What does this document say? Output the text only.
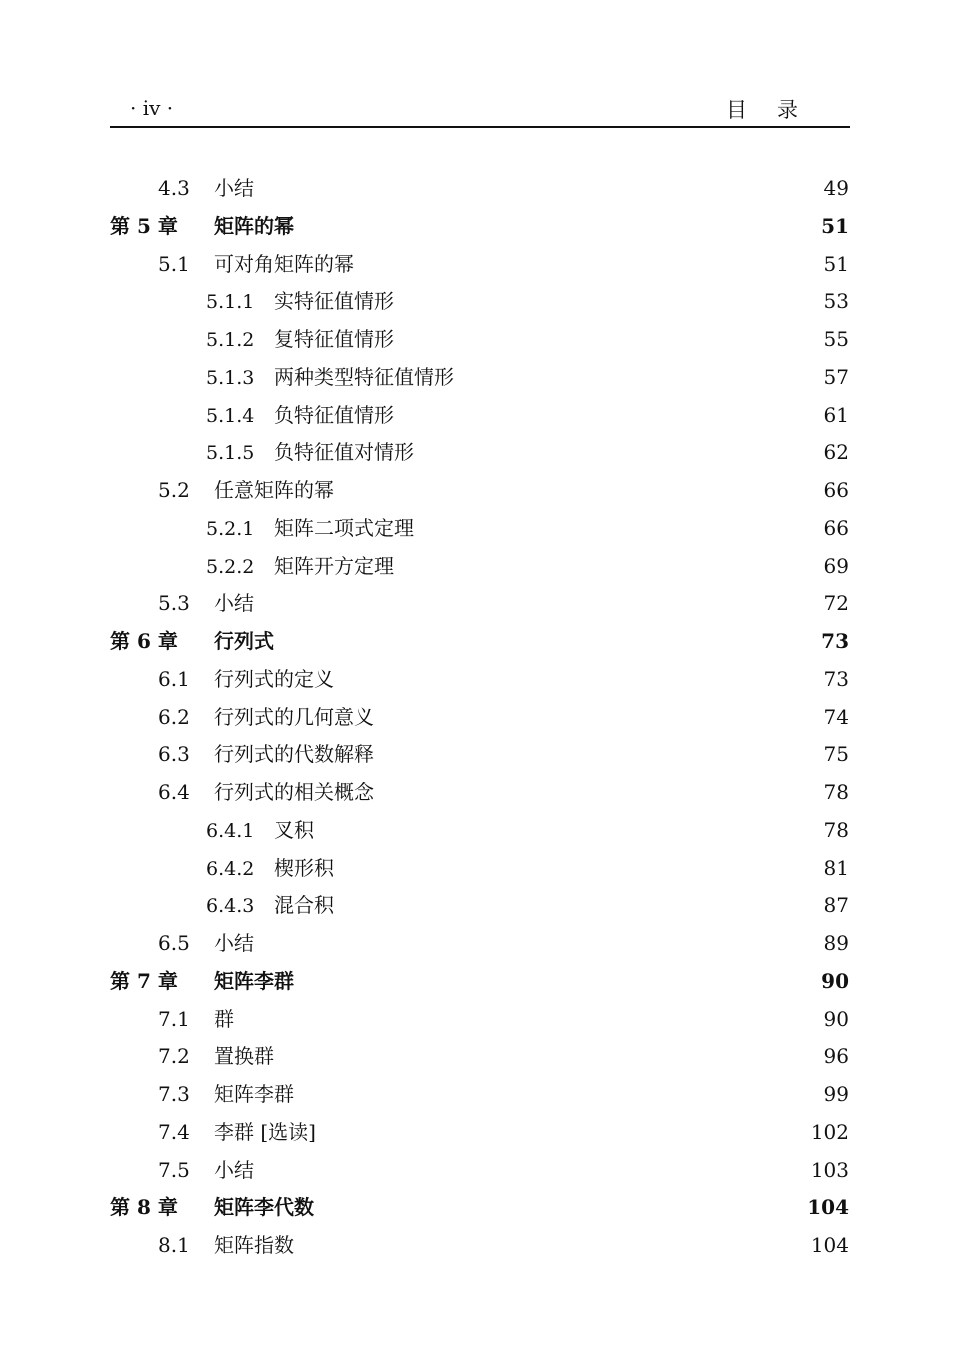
· iv ·	目录
4.3	小结	49
第 5 章	矩阵的幂	51
5.1	可对角矩阵的幂	51
5.1.1 实特征值情形	53
5.1.2 复特征值情形	55
5.1.3 两种类型特征值情形	57
5.1.4 负特征值情形	61
5.1.5 负特征值对情形	62
5.2	任意矩阵的幂	66
5.2.1 矩阵二项式定理	66
5.2.2 矩阵开方定理	69
5.3	小结	72
第 6 章	行列式	73
6.1	行列式的定义	73
6.2	行列式的几何意义	74
6.3	行列式的代数解释	75
6.4	行列式的相关概念	78
6.4.1 叉积	78
6.4.2 楔形积	81
6.4.3 混合积	87
6.5	小结	89
第 7 章	矩阵李群	90
7.1	群	90
7.2	置换群	96
7.3	矩阵李群	99
7.4	李群 [选读]	102
7.5	小结	103
第 8 章	矩阵李代数	104
8.1	矩阵指数	104
